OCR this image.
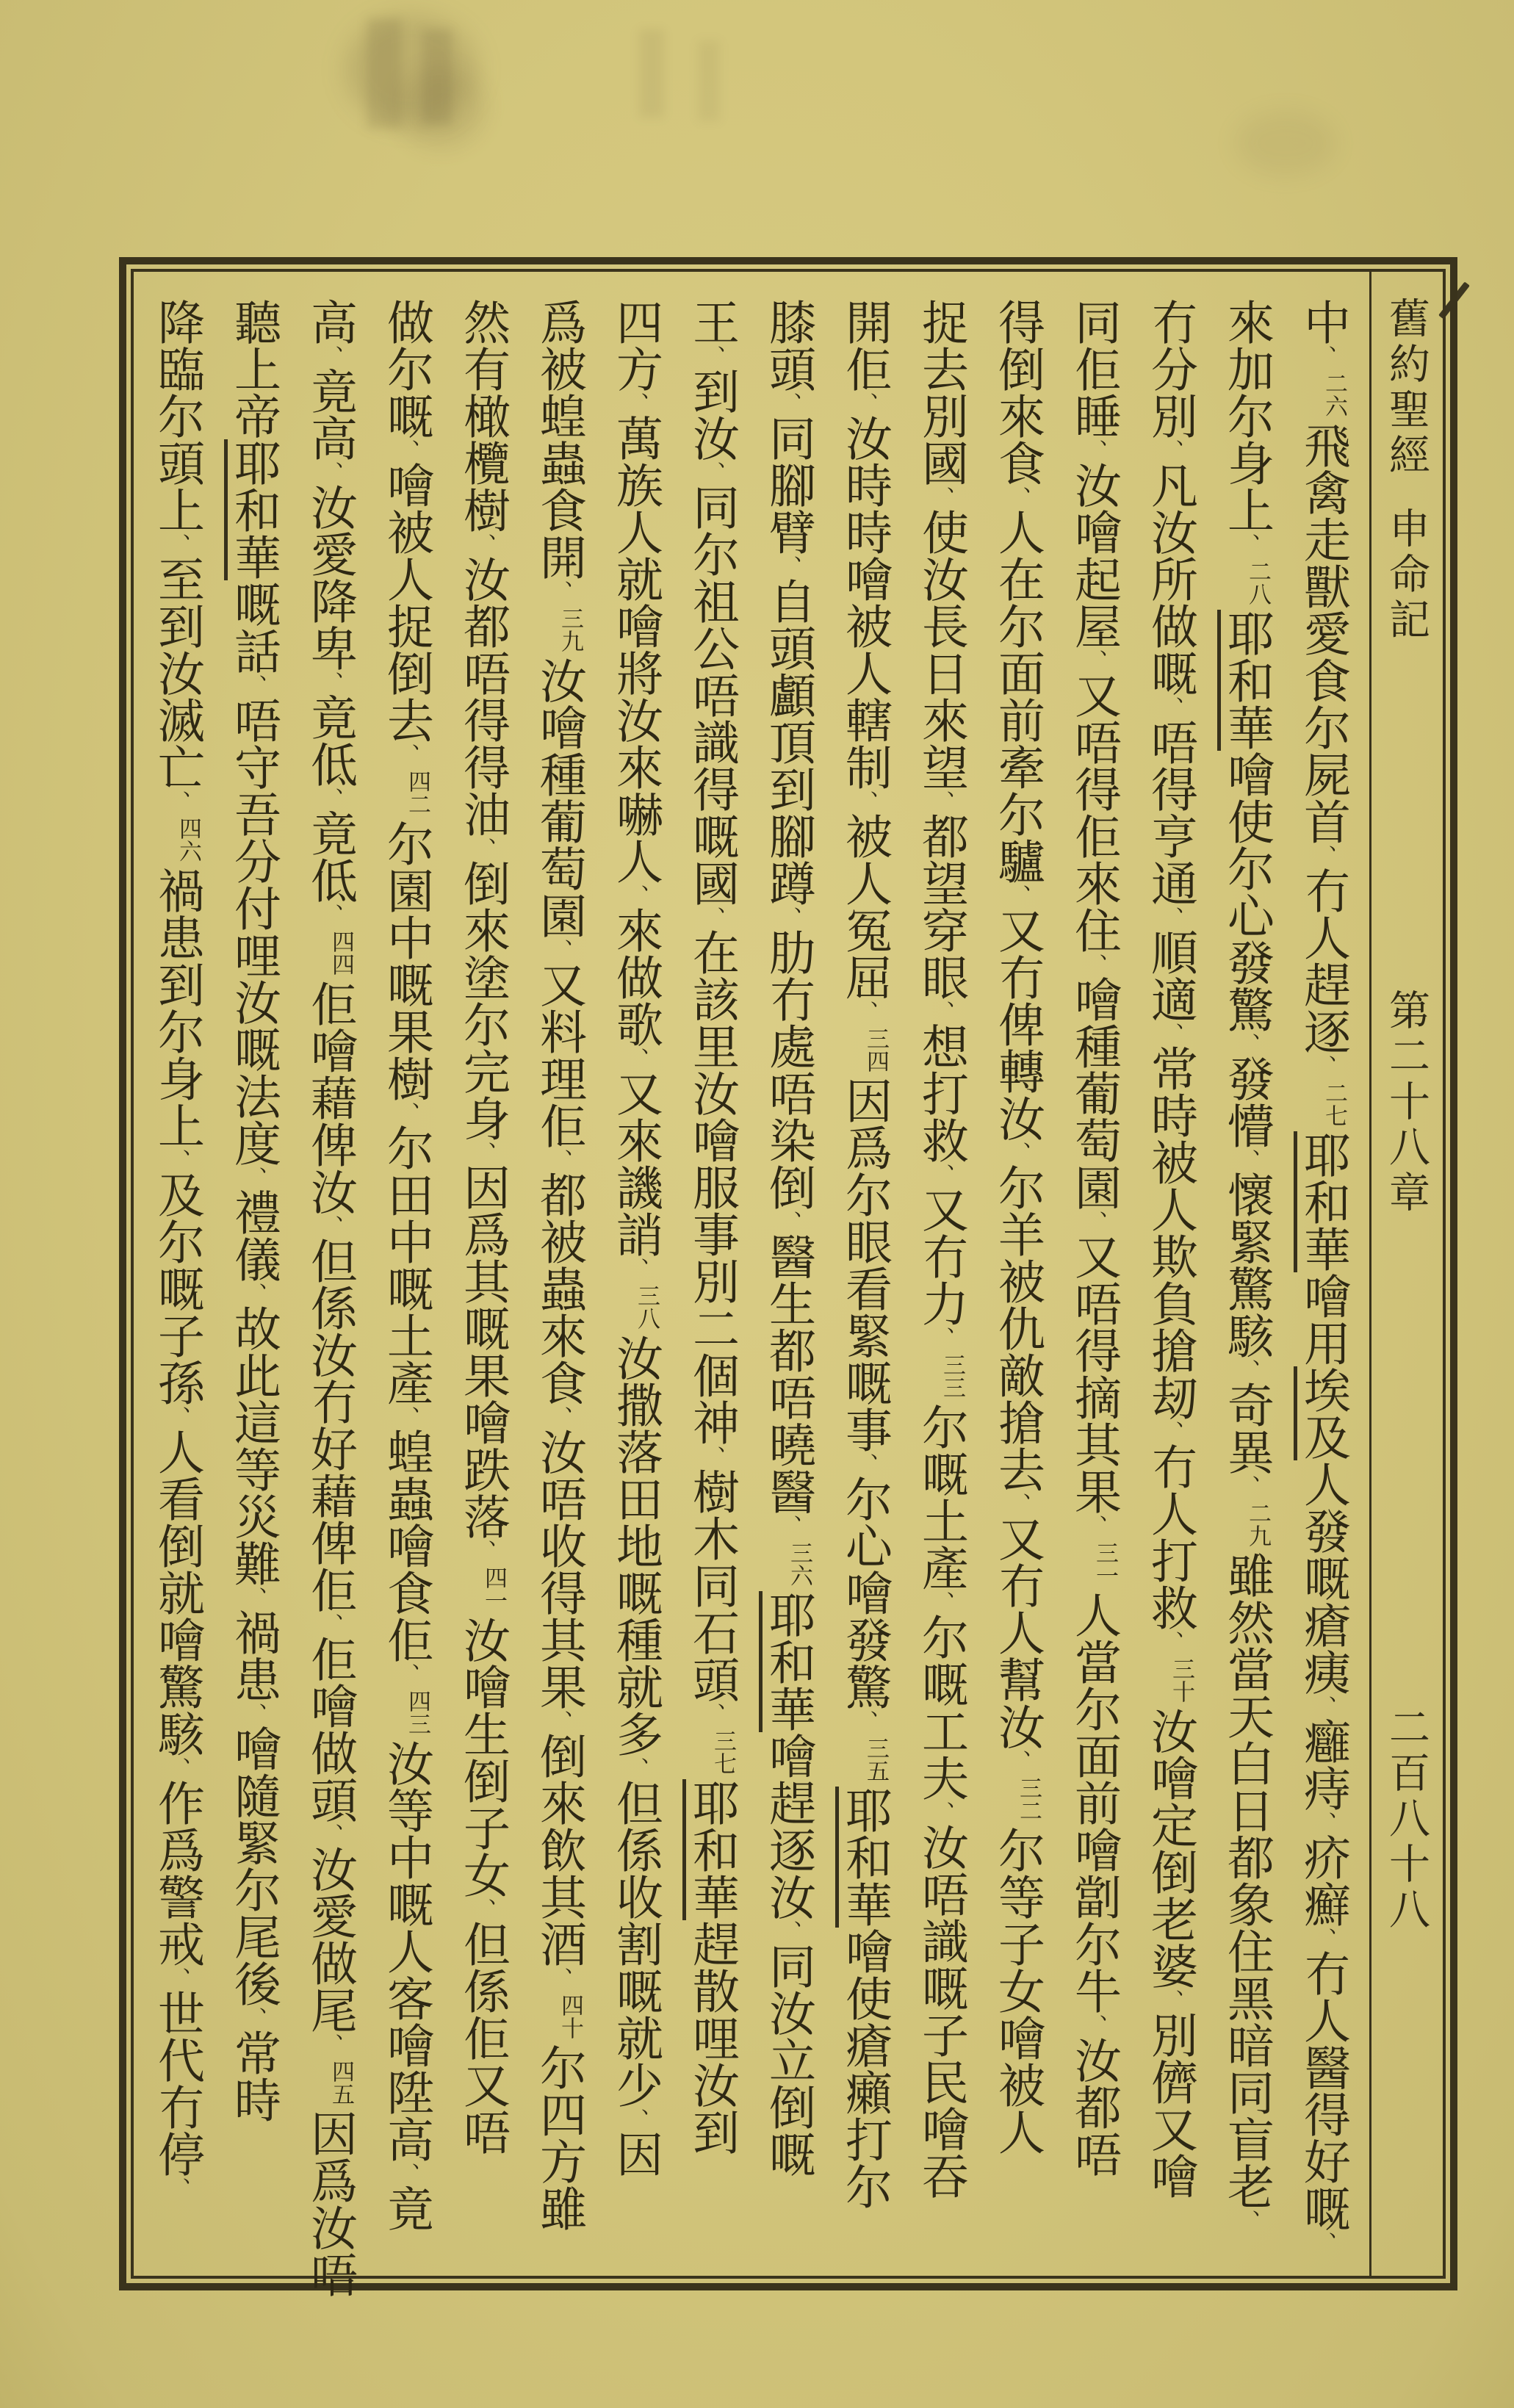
舊約聖經申命記第二十八章二百八十八
中、二六飛禽走獸愛食尔屍首、冇人趕逐、二七耶和華噲用埃及人發嘅瘡痍、癰痔、疥癬、冇人醫得好嘅、
來加尔身上、二八耶和華噲使尔心發驚、發懵、懷緊驚駭、奇異、二九雖然當天白日都象住黑暗同盲老、
冇分別、凡汝所做嘅、唔得亨通、順適、常時被人欺負搶刼、冇人打救、三十汝噲定倒老婆、別儕又噲
同佢睡、汝噲起屋、又唔得佢來住、噲種葡萄園、又唔得摘其果、三一人當尔面前噲劏尔牛、汝都唔
得倒來食、人在尔面前牽尔驢、又冇俾轉汝、尔羊被仇敵搶去、又冇人幫汝、三二尔等子女噲被人
捉去別國、使汝長日來望、都望穿眼、想打救、又冇力、三三尔嘅土產、尔嘅工夫、汝唔識嘅子民噲吞
開佢、汝時時噲被人轄制、被人冤屈、三四因爲尔眼看緊嘅事、尔心噲發驚、三五耶和華噲使瘡癩打尔
膝頭、同腳臂、自頭顱頂到腳蹲、肋冇處唔染倒、醫生都唔曉醫、三六耶和華噲趕逐汝、同汝立倒嘅
王、到汝、同尔祖公唔識得嘅國、在該里汝噲服事別二個神、樹木同石頭、三七耶和華趕散哩汝到
四方、萬族人就噲將汝來嚇人、來做歌、又來譏誚、三八汝撒落田地嘅種就多、但係收割嘅就少、因
爲被蝗蟲食開、三九汝噲種葡萄園、又料理佢、都被蟲來食、汝唔收得其果、倒來飲其酒、四十尔四方雖
然有橄欖樹、汝都唔得得油、倒來塗尔完身、因爲其嘅果噲跌落、四一汝噲生倒子女、但係佢又唔
做尔嘅、噲被人捉倒去、四二尔園中嘅果樹、尔田中嘅土產、蝗蟲噲食佢、四三汝等中嘅人客噲陞高、竟
高、竟高、汝愛降卑、竟低、竟低、四四佢噲藉俾汝、但係汝冇好藉俾佢、佢噲做頭、汝愛做尾、四五因爲汝唔
聽上帝耶和華嘅話、唔守吾分付哩汝嘅法度、禮儀、故此這等災難、禍患、噲隨緊尔尾後、常時
降臨尔頭上、至到汝滅亡、四六禍患到尔身上、及尔嘅子孫、人看倒就噲驚駭、作爲警戒、世代冇停、
